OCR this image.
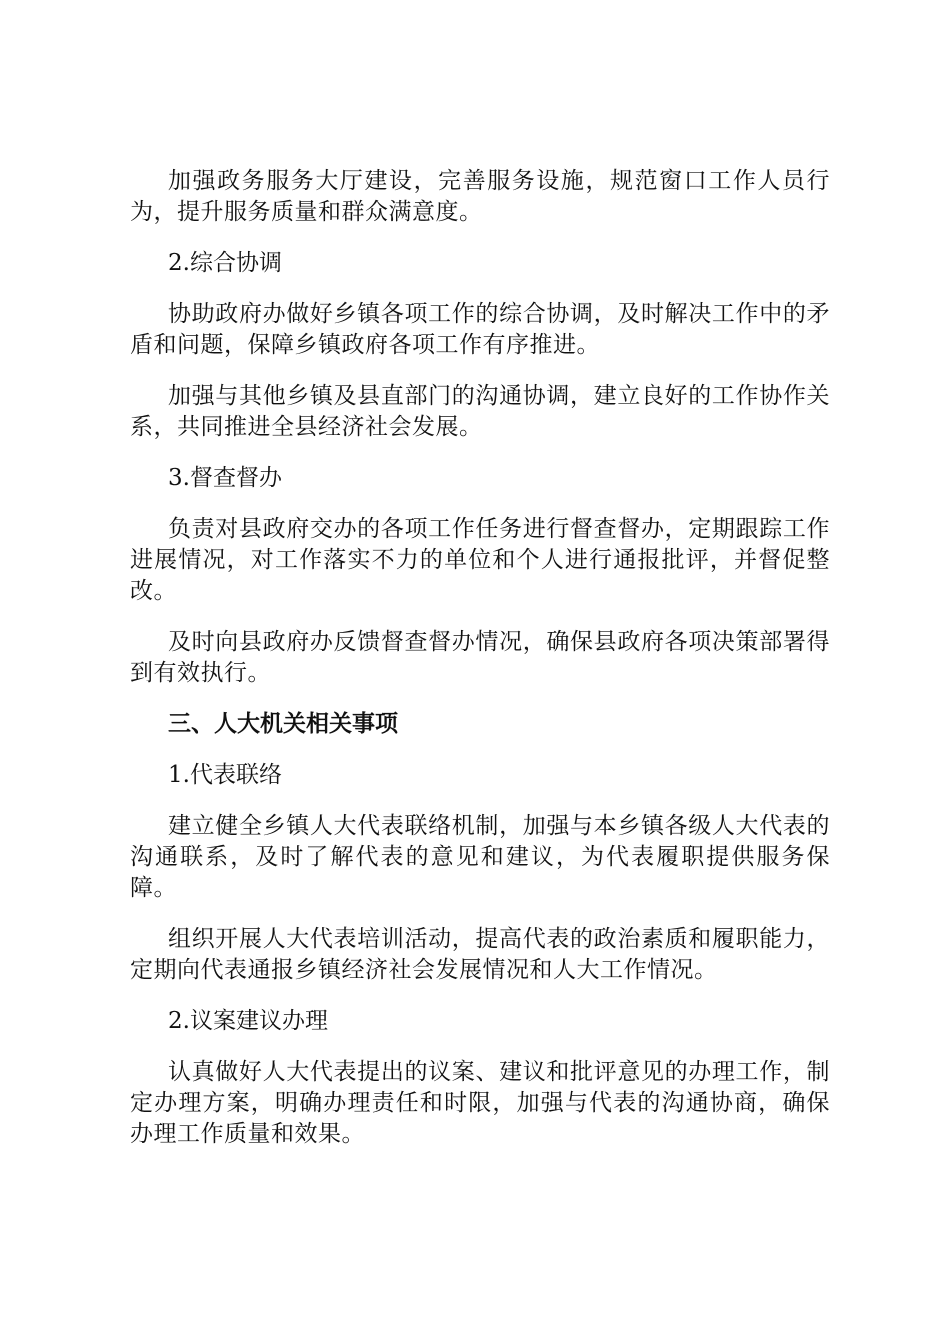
加强政务服务大厅建设，完善服务设施，规范窗口工作人员行为，提升服务质量和群众满意度。

2.综合协调

协助政府办做好乡镇各项工作的综合协调，及时解决工作中的矛盾和问题，保障乡镇政府各项工作有序推进。

加强与其他乡镇及县直部门的沟通协调，建立良好的工作协作关系，共同推进全县经济社会发展。

3.督查督办

负责对县政府交办的各项工作任务进行督查督办，定期跟踪工作进展情况，对工作落实不力的单位和个人进行通报批评，并督促整改。

及时向县政府办反馈督查督办情况，确保县政府各项决策部署得到有效执行。

三、人大机关相关事项

1.代表联络

建立健全乡镇人大代表联络机制，加强与本乡镇各级人大代表的沟通联系，及时了解代表的意见和建议，为代表履职提供服务保障。

组织开展人大代表培训活动，提高代表的政治素质和履职能力，定期向代表通报乡镇经济社会发展情况和人大工作情况。

2.议案建议办理

认真做好人大代表提出的议案、建议和批评意见的办理工作，制定办理方案，明确办理责任和时限，加强与代表的沟通协商，确保办理工作质量和效果。
